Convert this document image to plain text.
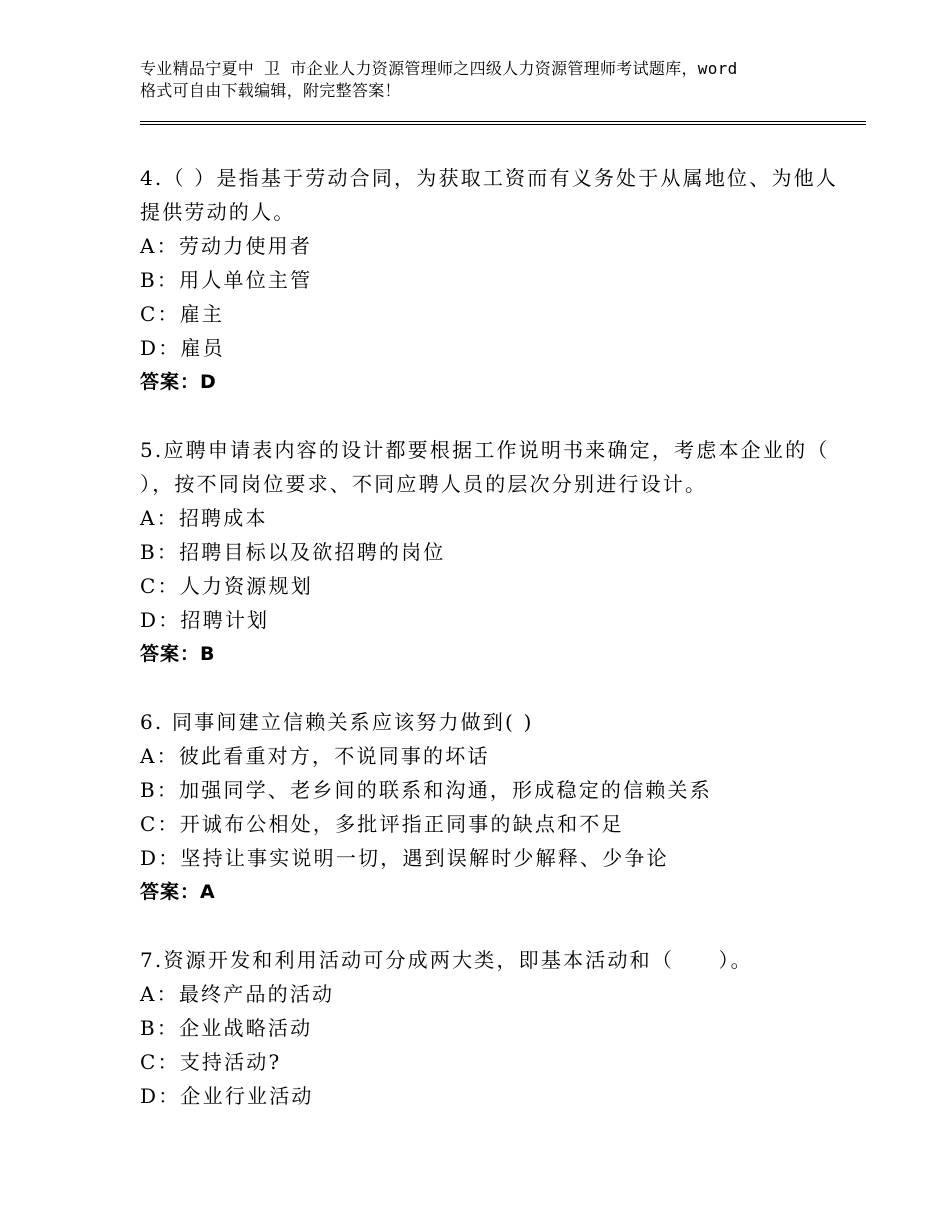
专业精品宁夏中 卫 市企业人力资源管理师之四级人力资源管理师考试题库，word
格式可自由下载编辑，附完整答案！
4.（ ）是指基于劳动合同，为获取工资而有义务处于从属地位、为他人提供劳动的人。
A：劳动力使用者
B：用人单位主管
C：雇主
D：雇员
答案：D
5.应聘申请表内容的设计都要根据工作说明书来确定，考虑本企业的（ ），按不同岗位要求、不同应聘人员的层次分别进行设计。
A：招聘成本
B：招聘目标以及欲招聘的岗位
C：人力资源规划
D：招聘计划
答案：B
6. 同事间建立信赖关系应该努力做到( )
A：彼此看重对方，不说同事的坏话
B：加强同学、老乡间的联系和沟通，形成稳定的信赖关系
C：开诚布公相处，多批评指正同事的缺点和不足
D：坚持让事实说明一切，遇到误解时少解释、少争论
答案：A
7.资源开发和利用活动可分成两大类，即基本活动和（　　）。
A：最终产品的活动
B：企业战略活动
C：支持活动?
D：企业行业活动
